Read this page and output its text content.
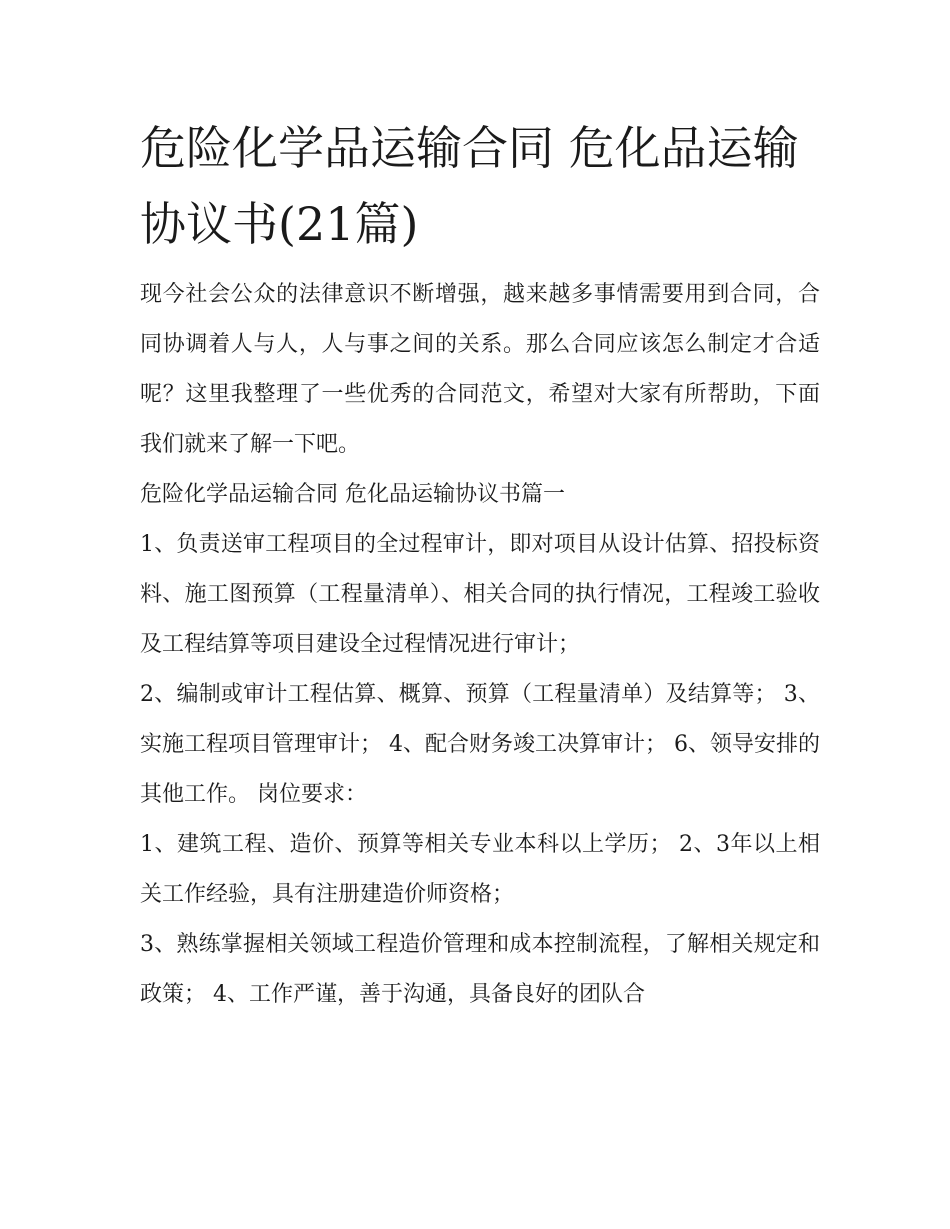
危险化学品运输合同 危化品运输协议书(21篇)

现今社会公众的法律意识不断增强，越来越多事情需要用到合同，合同协调着人与人，人与事之间的关系。那么合同应该怎么制定才合适呢？这里我整理了一些优秀的合同范文，希望对大家有所帮助，下面我们就来了解一下吧。

危险化学品运输合同 危化品运输协议书篇一

1、负责送审工程项目的全过程审计，即对项目从设计估算、招投标资料、施工图预算（工程量清单）、相关合同的执行情况，工程竣工验收及工程结算等项目建设全过程情况进行审计；

2、编制或审计工程估算、概算、预算（工程量清单）及结算等； 3、实施工程项目管理审计； 4、配合财务竣工决算审计； 6、领导安排的其他工作。 岗位要求：

1、建筑工程、造价、预算等相关专业本科以上学历； 2、3年以上相关工作经验，具有注册建造价师资格；

3、熟练掌握相关领域工程造价管理和成本控制流程，了解相关规定和政策； 4、工作严谨，善于沟通，具备良好的团队合
